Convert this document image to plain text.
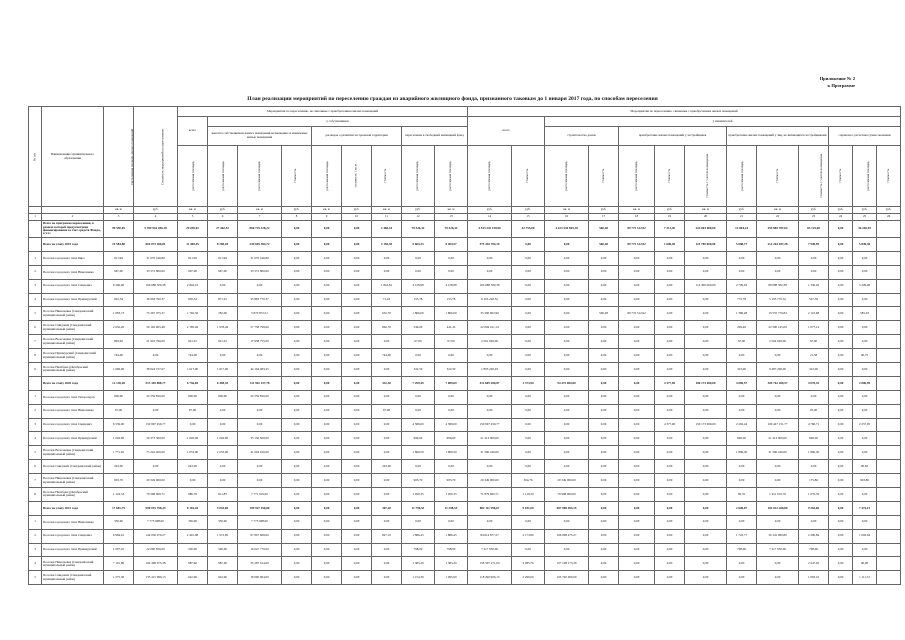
Приложение № 2
к Программе
План реализации мероприятий по переселению граждан из аварийного жилищного фонда, признанного таковым до 1 января 2017 года, по способам переселения
№ п/п	Наименование муниципального образования	Расселяемая площадь жилых помещений	Стоимость мероприятий по переселению	Мероприятия по переселению, не связанные с приобретением жилых помещений									Мероприятия по переселению, связанные с приобретением жилых помещений												
				всего	у собственников								всего		у нанимателей										
					выплата собственникам жилых помещений возмещения за изымаемые жилые помещения			договоры о развитии застроенной территории			переселение в свободный жилищный фонд				строительство домов		приобретение жилых помещений у застройщиков			приобретение жилых помещений у лиц, не являющихся застройщиками			справочно: расчетная сумма экономии		
				расселяемая площадь	расселяемая площадь	расселяемая площадь	стоимость	расселяемая площадь	стоимость 1 кв.м	стоимость	расселяемая площадь	расселяемая площадь	расселяемая площадь	стоимость	расселяемая площадь	стоимость	расселяемая площадь	стоимость	стоимость с учетом возмещения	расселяемая площадь	стоимость	стоимость с учетом возмещения	стоимость	расселяемая площадь	стоимость
		кв. м	руб.	кв. м	руб.	кв. м	руб.	кв. м	руб.	кв. м	руб.	кв. м	руб.	руб.	кв. м	руб.	кв. м	руб.	кв. м	руб.	кв. м	руб.	руб.	руб.	руб.
1	2	3	4	5	6	7	8	9	10	11	12	13	14	15	16	17	18	19	20	21	22	23	24	25	26
	Всего по программе переселения, в рамках которой предусмотрено финансирование за счет средств Фонда, в т.ч.:	99 550,05	5 399 944 286,18	29 039,01	27 462,51	866 715 128,22	0,00	0,00	0,00	2 466,34	70 526,32	70 526,32	4 533 232 158,96	42 755,00	4 423 544 859,18	560,28	89 772 312,92	7 211,30	224 003 000,00	13 804,24	259 885 787,64	83 125,00	0,00	36 240,95	
	Всего по этапу 2019 года	19 584,88	604 073 286,81	11 400,45	8 298,28	239 695 384,72	0,00	0,00	0,00	3 150,30	9 604,33	8 404,57	375 416 704,19	0,00	0,00	560,28	89 772 312,92	1 600,40	115 700 000,00	5 088,77	214 264 187,28	7 940,99	0,00	5 849,36	
1	Поселок городского типа Бира	911,99	31 070 196,80	911,99	911,99	31 070 196,80	0,00	0,00	0,00	0,00	0,00	0,00	0,00	0,00	0,00	0,00	0,00	0,00	0,00	0,00	0,00	0,00	0,00	0,00	
2	Поселок городского типа Николаевка	967,00	33 572 800,00	967,00	967,00	33 572 800,00	0,00	0,00	0,00	0,00	0,00	0,00	0,00	0,00	0,00	0,00	0,00	0,00	0,00	0,00	0,00	0,00	0,00	0,00	
3	Поселок городского типа Смидович	9 266,00	166 688 300,38	2 842,16	0,00	0,00	0,00	0,00	0,00	1 843,81	4 128,98	4 128,98	166 688 300,38	0,00	0,00	0,00	0,00	0,00	114 300 000,00	2 799,93	89 688 300,38	1 330,26	0,00	5 209,06	
4	Поселок городского типа Приамурский	922,34	36 603 790,37	930,34	871,61	35 893 770,37	0,00	0,00	0,00	71,43	153,78	153,78	6 165 220,32	0,00	0,00	0,00	0,00	0,00	0,00	772,78	5 195 770,32	547,39	0,00	0,00	
5	Поселок Николаевка (Смидовичский муниципальный район)	1 083,73	75 267 075,37	1 792,30	782,00	5 870 872,51	0,00	0,00	0,00	652,70	1 806,00	1 806,00	35 360 002,99	0,00	0,00	560,28	89 772 312,92	0,00	0,00	1 386,28	19 555 776,84	2 110,68	0,00	585,03	
6	Поселок Смидович (Смидовичский муниципальный район)	2 632,20	50 192 965,48	2 185,49	1 978,49	57 758 799,66	0,00	0,00	0,00	862,70	546,09	441,45	22 094 161,14	0,00	0,00	0,00	0,00	0,00	0,00	299,46	22 500 145,09	1 077,14	0,00	0,00	
7	Поселок Волочаевка (Смидовичский муниципальный район)	893,92	21 922 796,00	921,91	921,91	17 958 755,00	0,00	0,00	0,00	0,00	67,00	67,00	2 561 049,00	0,00	0,00	0,00	0,00	0,00	0,00	67,00	2 564 049,00	67,00	0,00	0,00	
8	Поселок Приамурский (Смидовичский муниципальный район)	744,00	0,00	744,00	0,00	0,00	0,00	0,00	0,00	744,00	0,00	0,00	0,00	0,00	0,00	0,00	0,00	0,00	0,00	0,00	0,00	21,58	0,00	00,75	
9	Поселок Нагибово (Октябрьский муниципальный район)	1 669,00	38 024 727,07	1 617,00	1 617,00	44 164 483,25	0,00	0,00	0,00	0,00	322,50	322,50	1 803 220,03	0,00	0,00	0,00	0,00	0,00	0,00	323,00	9 487 200,00	322,00	0,00	0,00	
	Всего по этапу 2020 года	12 138,28	513 349 888,77	6 736,69	6 498,35	131 961 157,78	0,00	0,00	0,00	332,30	7 299,49	7 089,69	411 609 280,87	1 373,90	94 472 000,00	0,00	0,00	4 377,90	180 173 000,00	4 069,57	309 762 200,57	4 070,35	0,00	2 000,99	
1	Поселок городского типа Теплоозерск	900,00	22 559 820,00	900,00	900,00	22 559 820,00	0,00	0,00	0,00	0,00	0,00	0,00	0,00	0,00	0,00	0,00	0,00	0,00	0,00	0,00	0,00	0,00	0,00	0,00	
2	Поселок городского типа Николаевка	97,00	0,00	97,00	0,00	0,00	0,00	0,00	0,00	97,00	0,00	0,00	0,00	0,00	0,00	0,00	0,00	0,00	0,00	0,00	0,00	97,00	0,00	0,00	
3	Поселок городского типа Смидович	6 539,00	150 997 459,77	0,00	0,00	0,00	0,00	0,00	0,00	0,00	4 589,00	4 589,00	150 997 459,77	0,00	0,00	0,00	0,00	4 377,00	150 173 000,00	2 292,44	100 447 151,77	4 760,71	0,00	2 257,95	
4	Поселок городского типа Приамурский	1 026,90	56 373 500,00	1 026,90	1 026,90	35 150 500,00	0,00	0,00	0,00	0,00	996,00	996,00	21 313 000,00	0,00	0,00	0,00	0,00	0,00	0,00	996,00	21 313 000,00	996,00	0,00	0,00	
5	Поселок Волочаевка (Смидовичский муниципальный район)	1 771,62	73 242 400,00	1 053,00	1 053,00	41 664 160,00	0,00	0,00	0,00	0,00	1 869,50	1 869,50	31 560 240,00	0,00	0,00	0,00	0,00	0,00	0,00	1 869,50	31 560 240,00	1 860,50	0,00	0,00	
6	Поселок Смидович (Смидовичский район)	243,00	0,00	243,00	0,00	0,00	0,00	0,00	0,00	243,00	0,00	0,00	0,00	0,00	0,00	0,00	0,00	0,00	0,00	0,00	0,00	0,00	0,00	90,82	
7	Поселок Николаевка (Смидовичский муниципальный район)	903,70	20 349 000,00	0,00	0,00	0,00	0,00	0,00	0,00	0,00	903,70	903,70	20 349 000,00	304,76	20 349 000,00	0,00	0,00	0,00	0,00	0,00	0,00	175,86	0,00	903,80	
8	Поселок Нагибово (Октябрьский муниципальный район)	1 124,33	79 298 960,71	986,79	811,85	7 771 919,00	0,00	0,00	0,00	0,00	1 059,35	1 059,35	71 879 960,71	1 119,20	70 998 000,00	0,00	0,00	0,00	0,00	69,35	1 451 610,70	1 070,35	0,00	0,00	
	Всего по этапу 2021 года	17 681,75	990 015 798,43	8 194,26	5 044,06	199 927 458,80	0,00	0,00	0,00	307,20	11 790,53	11 298,55	802 111 598,67	9 181,00	687 088 494,15	0,00	0,00	0,00	0,00	2 600,07	104 022 268,80	9 263,60	0,00	7 474,15	
1	Поселок городского типа Николаевка	356,90	7 775 998,00	356,90	356,90	7 775 998,00	0,00	0,00	0,00	0,00	0,00	0,00	0,00	0,00	0,00	0,00	0,00	0,00	0,00	0,00	0,00	0,00	0,00	0,00	
2	Поселок городского типа Смидович	9 984,61	144 056 070,27	2 491,98	1 972,85	97 807 608,00	0,00	0,00	0,00	827,19	1 886,45	1 886,45	84 614 877,27	2 173,80	106 008 475,27	0,00	0,00	0,00	0,00	1 722,77	30 141 080,80	2 200,84	0,00	1 002,94	
3	Поселок городского типа Приамурский	1 007,45	22 060 856,00	500,00	500,00	16 047 770,00	0,00	0,00	0,00	0,00	798,00	798,00	7 417 950,00	0,00	0,00	0,00	0,00	0,00	0,00	798,00	7 417 950,00	798,00	0,00	0,00	
4	Поселок Николаевка (Смидовичский муниципальный район)	7 191,86	194 398 075,38	987,60	987,60	35 287 014,00	0,00	0,00	0,00	0,00	1 383,20	1 383,20	158 307 271,00	2 285,76	107 108 173,29	0,00	0,00	0,00	0,00	0,00	0,00	2 247,20	0,00	90,00	
5	Поселок Смидович (Смидовичский муниципальный район)	1 275,30	133 415 680,13	622,96	622,96	18 660 964,00	0,00	0,00	0,00	0,00	1 154,30	1 095,00	118 296 906,13	2 299,00	103 740 000,00	0,00	0,00	0,00	0,00	0,00	0,00	1 093,10	0,00	1 111,31	
